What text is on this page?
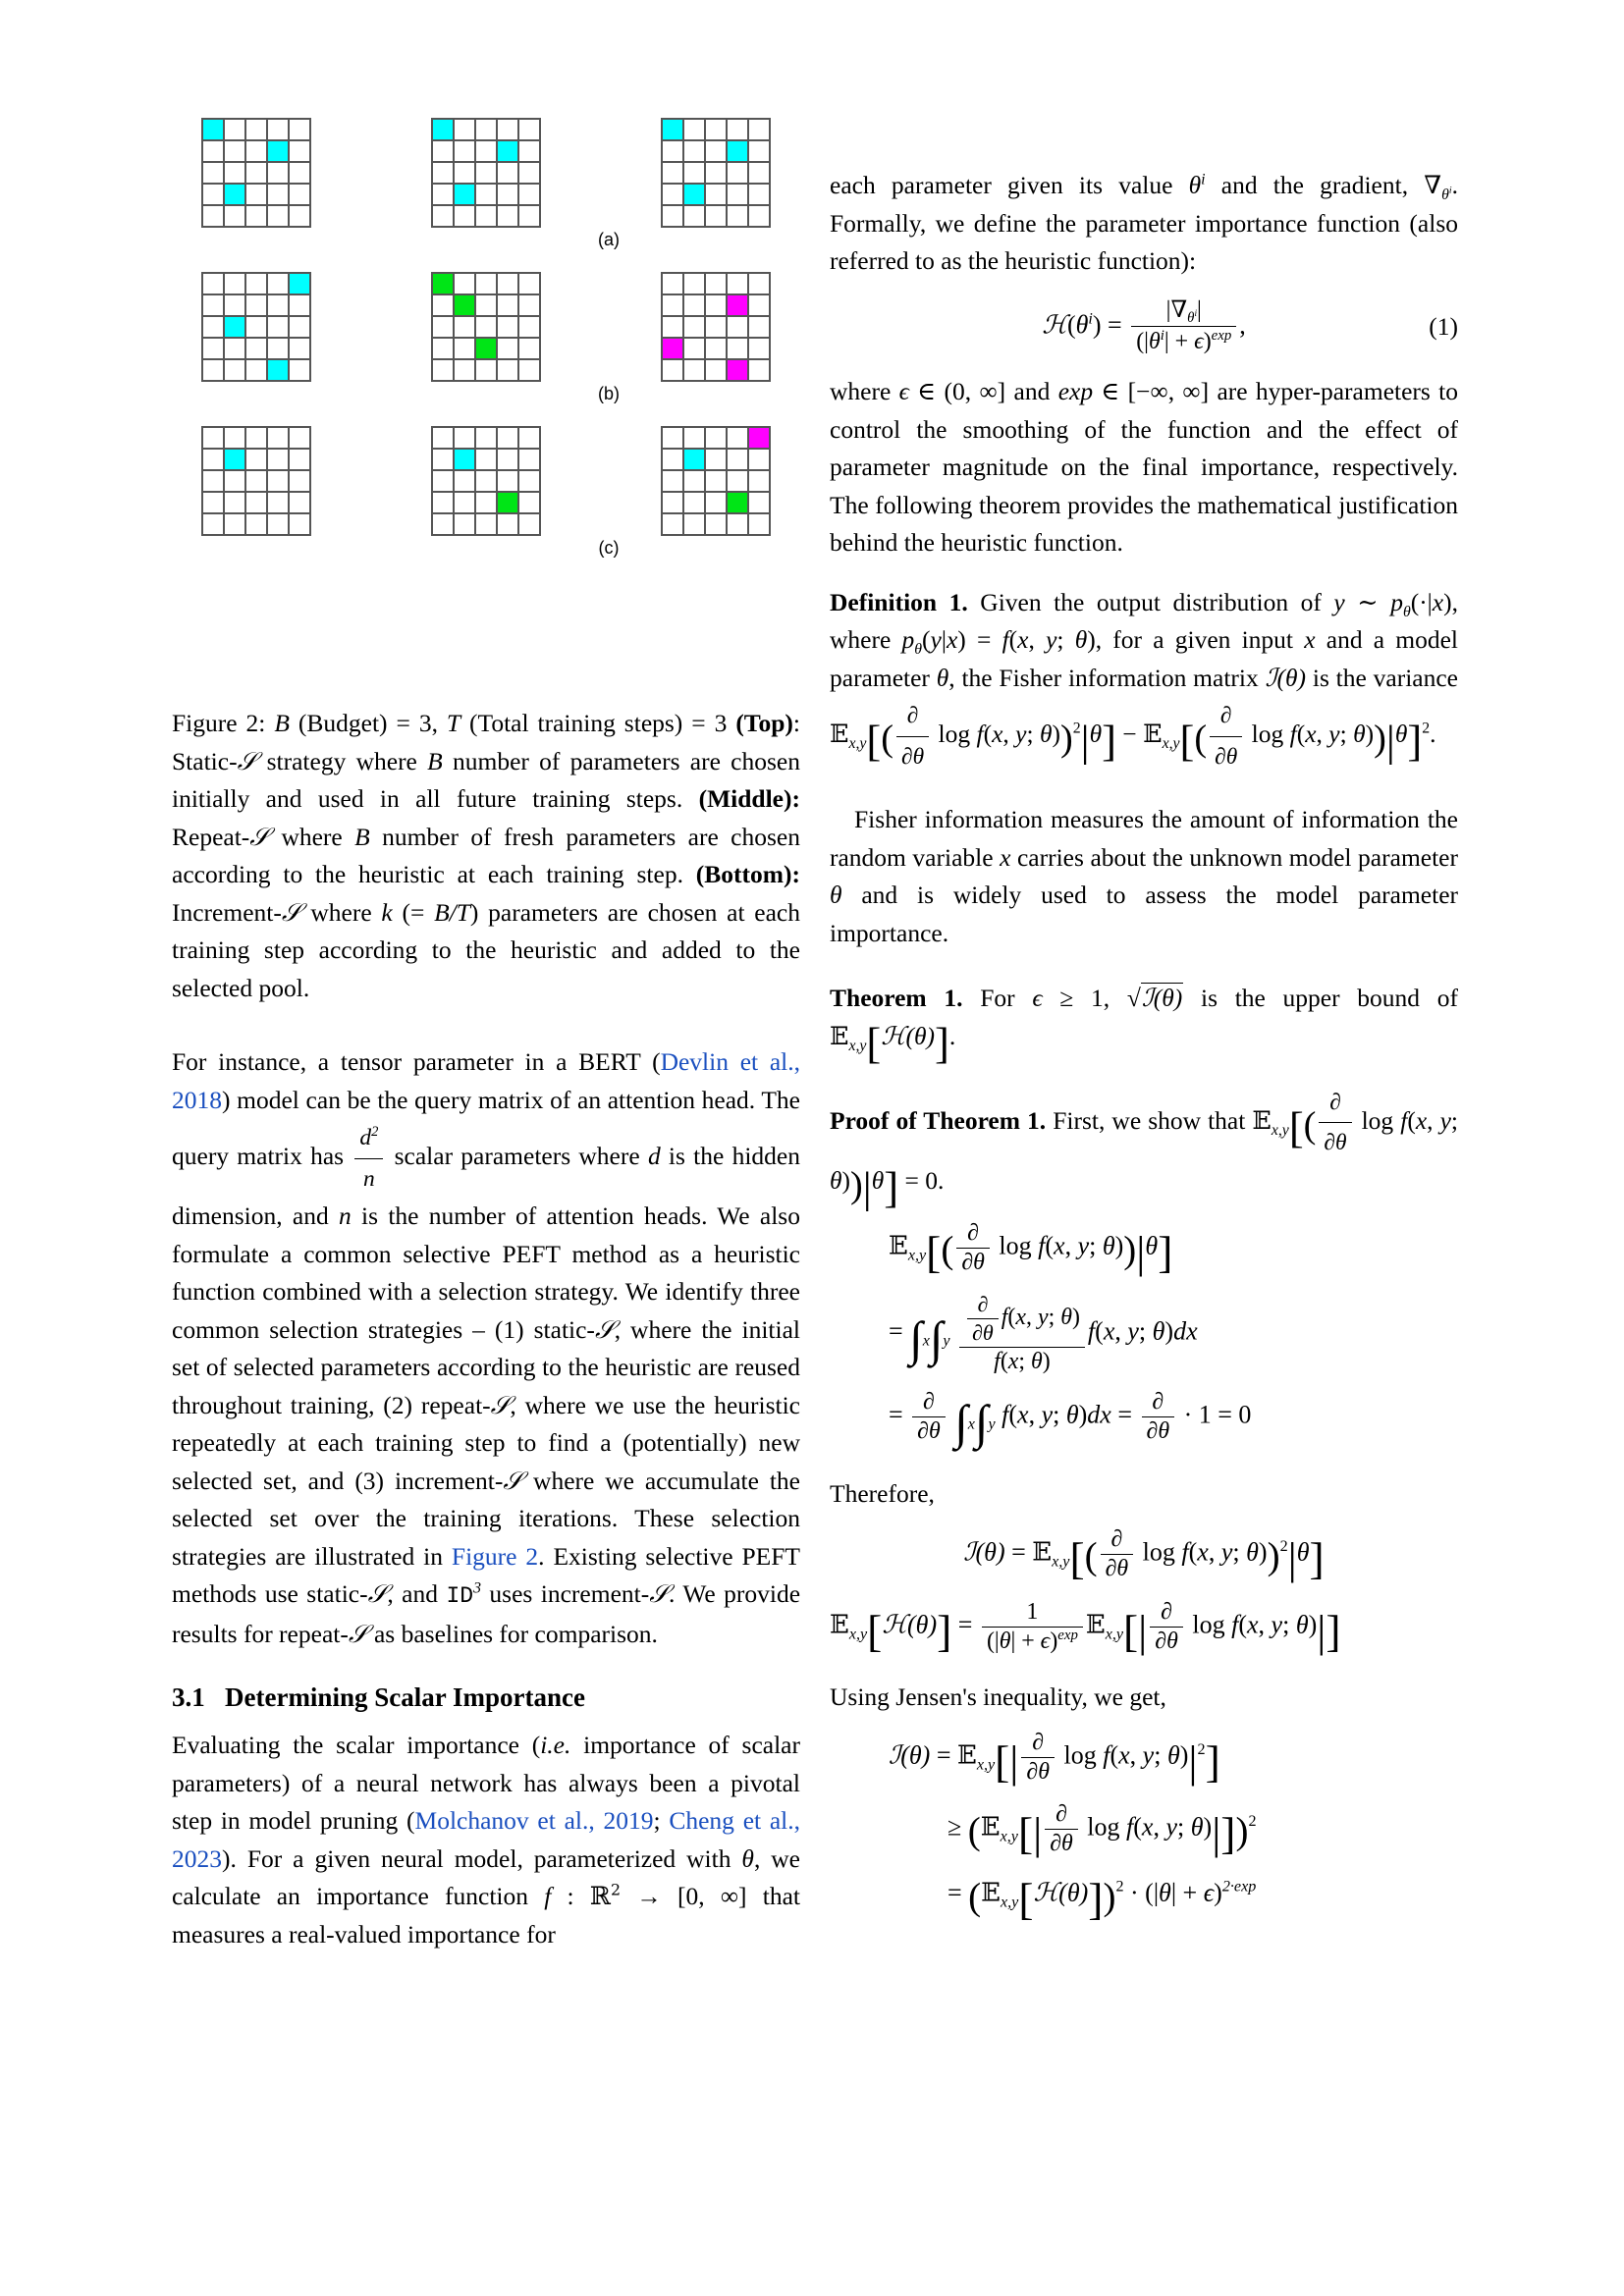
(a)
(b)
(c)
Figure 2: B (Budget) = 3, T (Total training steps) = 3 (Top): Static-𝒮 strategy where B number of parameters are chosen initially and used in all future training steps. (Middle): Repeat-𝒮 where B number of fresh parameters are chosen according to the heuristic at each training step. (Bottom): Increment-𝒮 where k (= B/T) parameters are chosen at each training step according to the heuristic and added to the selected pool.
For instance, a tensor parameter in a BERT (Devlin et al., 2018) model can be the query matrix of an attention head. The query matrix has $\frac{d^2}{n}$ scalar parameters where d is the hidden dimension, and n is the number of attention heads. We also formulate a common selective PEFT method as a heuristic function combined with a selection strategy. We identify three common selection strategies – (1) static-𝒮, where the initial set of selected parameters according to the heuristic are reused throughout training, (2) repeat-𝒮, where we use the heuristic repeatedly at each training step to find a (potentially) new selected set, and (3) increment-𝒮 where we accumulate the selected set over the training iterations. These selection strategies are illustrated in Figure 2. Existing selective PEFT methods use static-𝒮, and $ID^3$ uses increment-𝒮. We provide results for repeat-𝒮 as baselines for comparison.
3.1 Determining Scalar Importance
Evaluating the scalar importance (i.e. importance of scalar parameters) of a neural network has always been a pivotal step in model pruning (Molchanov et al., 2019; Cheng et al., 2023). For a given neural model, parameterized with θ, we calculate an importance function f : ℝ$^2$ → [0, ∞] that measures a real-valued importance for
each parameter given its value $\theta^i$ and the gradient, $\nabla_{\theta^i}$. Formally, we define the parameter importance function (also referred to as the heuristic function):
$ℋ(\theta^i) = \frac{|\nabla_{\theta^i}|}{(|\theta^i| + \epsilon)^{exp}}$ ,	(1)
where ϵ ∈ (0, ∞] and exp ∈ [−∞, ∞] are hyper-parameters to control the smoothing of the function and the effect of parameter magnitude on the final importance, respectively. The following theorem provides the mathematical justification behind the heuristic function.
Definition 1. Given the output distribution of y ∼ $p_\theta(\cdot|x)$, where $p_\theta(y|x) = f(x$, y; θ), for a given input x and a model parameter θ, the Fisher information matrix ℐ(θ) is the variance 𝔼$_{x,y}$[( $\frac{\partial}{\partial\theta}$ log f(x, y; θ))$^2$|θ] − 𝔼$_{x,y}$[( $\frac{\partial}{\partial\theta}$ log f(x, y; θ))|θ]$^2$.
Fisher information measures the amount of information the random variable x carries about the unknown model parameter θ and is widely used to assess the model parameter importance.
Theorem 1. For ϵ ≥ 1, √ℐ(θ) is the upper bound of 𝔼$_{x,y}$[ℋ(θ)].
Proof of Theorem 1. First, we show that 𝔼$_{x,y}$[( $\frac{\partial}{\partial\theta}$ log f(x, y; θ))|θ] = 0.
𝔼$_{x,y}$[( $\frac{\partial}{\partial\theta}$ log f(x, y; θ))|θ]
= $\int_x\int_y \frac{\frac{\partial}{\partial\theta} f(x, y; \theta)}{f(x; \theta)} f(x$, y; θ)dx
= $\frac{\partial}{\partial\theta} \int_x\int_y$ f(x, y; $\theta)dx = \frac{\partial}{\partial\theta} \cdot 1 = 0$
Therefore,
ℐ(θ) = 𝔼$_{x,y}$[( $\frac{\partial}{\partial\theta}$ log f(x, y; θ))$^2$|θ]
𝔼$_{x,y}$[ℋ(θ)] = $\frac{1}{(|\theta| + \epsilon)^{exp}}$ 𝔼$_{x,y}$[| $\frac{\partial}{\partial\theta}$ log f(x, y; θ)|]
Using Jensen's inequality, we get,
ℐ(θ) = 𝔼$_{x,y}$[| $\frac{\partial}{\partial\theta}$ log f(x, y; $\theta)|^2$]
≥ (𝔼$_{x,y}$[| $\frac{\partial}{\partial\theta}$ log f(x, y; θ)|])$^2$
= (𝔼$_{x,y}$[ℋ(θ)])$^2$ · $(|\theta| + \epsilon)^{2\cdot exp}$
